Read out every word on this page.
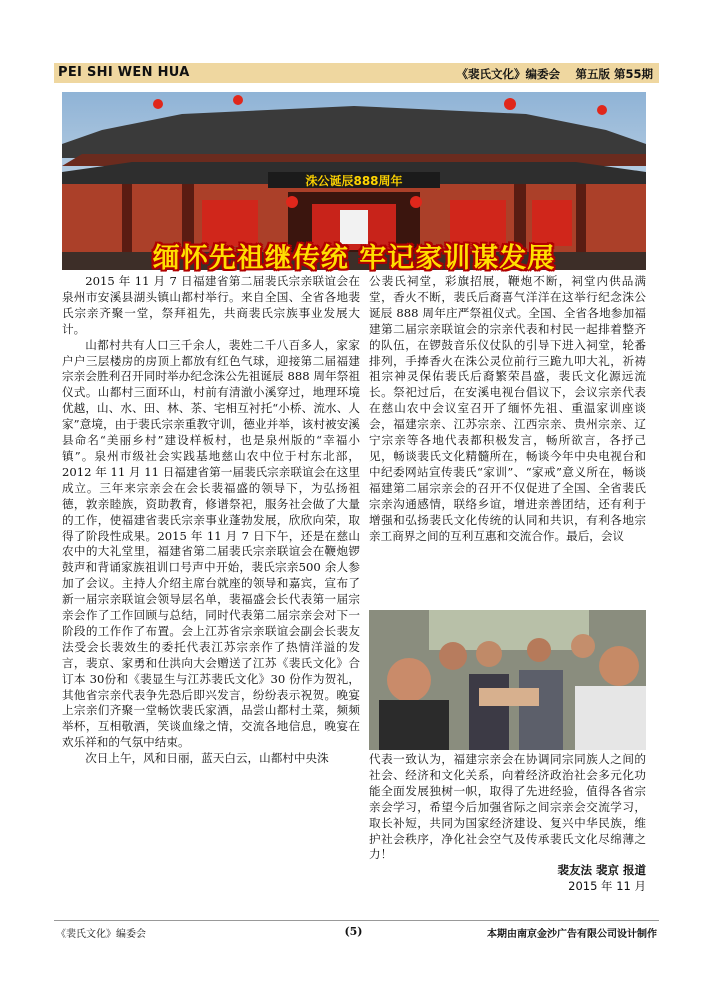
PEI SHI WEN HUA	《裴氏文化》编委会　 第五版 第55期
洙公诞辰888周年
缅怀先祖继传统 牢记家训谋发展

2015 年 11 月 7 日福建省第二届裴氏宗亲联谊会在泉州市安溪县湖头镇山都村举行。来自全国、全省各地裴氏宗亲齐聚一堂，祭拜祖先，共商裴氏宗族事业发展大计。

山都村共有人口三千余人，裴姓二千八百多人，家家户户三层楼房的房顶上都放有红色气球，迎接第二届福建宗亲会胜利召开同时举办纪念洙公先祖诞辰 888 周年祭祖仪式。山都村三面环山，村前有清澈小溪穿过，地理环境优越，山、水、田、林、茶、宅相互衬托“小桥、流水、人家”意境，由于裴氏宗亲重教守训，德业并举，该村被安溪县命名“美丽乡村”建设样板村，也是泉州版的“幸福小镇”。泉州市级社会实践基地慈山农中位于村东北部，2012 年 11 月 11 日福建省第一届裴氏宗亲联谊会在这里成立。三年来宗亲会在会长裴福盛的领导下，为弘扬祖德，敦亲睦族，资助教育，修谱祭祀，服务社会做了大量的工作，使福建省裴氏宗亲事业蓬勃发展，欣欣向荣，取得了阶段性成果。2015 年 11 月 7 日下午，还是在慈山农中的大礼堂里，福建省第二届裴氏宗亲联谊会在鞭炮锣鼓声和背诵家族祖训口号声中开始，裴氏宗亲500 余人参加了会议。主持人介绍主席台就座的领导和嘉宾，宣布了新一届宗亲联谊会领导层名单，裴福盛会长代表第一届宗亲会作了工作回顾与总结，同时代表第二届宗亲会对下一阶段的工作作了布置。会上江苏省宗亲联谊会副会长裴友法受会长裴效生的委托代表江苏宗亲作了热情洋溢的发言，裴京、家勇和仕洪向大会赠送了江苏《裴氏文化》合订本 30份和《裴显生与江苏裴氏文化》30 份作为贺礼，其他省宗亲代表争先恐后即兴发言，纷纷表示祝贺。晚宴上宗亲们齐聚一堂畅饮裴氏家酒，品尝山都村土菜，频频举杯，互相敬酒，笑谈血缘之情，交流各地信息，晚宴在欢乐祥和的气氛中结束。

次日上午，风和日丽，蓝天白云，山都村中央洙

公裴氏祠堂，彩旗招展，鞭炮不断，祠堂内供品满堂，香火不断，裴氏后裔喜气洋洋在这举行纪念洙公诞辰 888 周年庄严祭祖仪式。全国、全省各地参加福建第二届宗亲联谊会的宗亲代表和村民一起排着整齐的队伍，在锣鼓音乐仪仗队的引导下进入祠堂，轮番排列，手捧香火在洙公灵位前行三跪九叩大礼，祈祷祖宗神灵保佑裴氏后裔繁荣昌盛，裴氏文化源远流长。祭祀过后，在安溪电视台倡议下，会议宗亲代表在慈山农中会议室召开了缅怀先祖、重温家训座谈会，福建宗亲、江苏宗亲、江西宗亲、贵州宗亲、辽宁宗亲等各地代表都积极发言，畅所欲言，各抒己见，畅谈裴氏文化精髓所在，畅谈今年中央电视台和中纪委网站宣传裴氏“家训”、“家戒”意义所在，畅谈福建第二届宗亲会的召开不仅促进了全国、全省裴氏宗亲沟通感情，联络乡谊，增进亲善团结，还有利于增强和弘扬裴氏文化传统的认同和共识，有利各地宗亲工商界之间的互利互惠和交流合作。最后，会议

代表一致认为，福建宗亲会在协调同宗同族人之间的社会、经济和文化关系，向着经济政治社会多元化功能全面发展独树一帜，取得了先进经验，值得各省宗亲会学习，希望今后加强省际之间宗亲会交流学习，取长补短，共同为国家经济建设、复兴中华民族，维护社会秩序，净化社会空气及传承裴氏文化尽绵薄之力！

裴友法 裴京 报道
2015 年 11 月
《裴氏文化》编委会	(5)	本期由南京金沙广告有限公司设计制作
